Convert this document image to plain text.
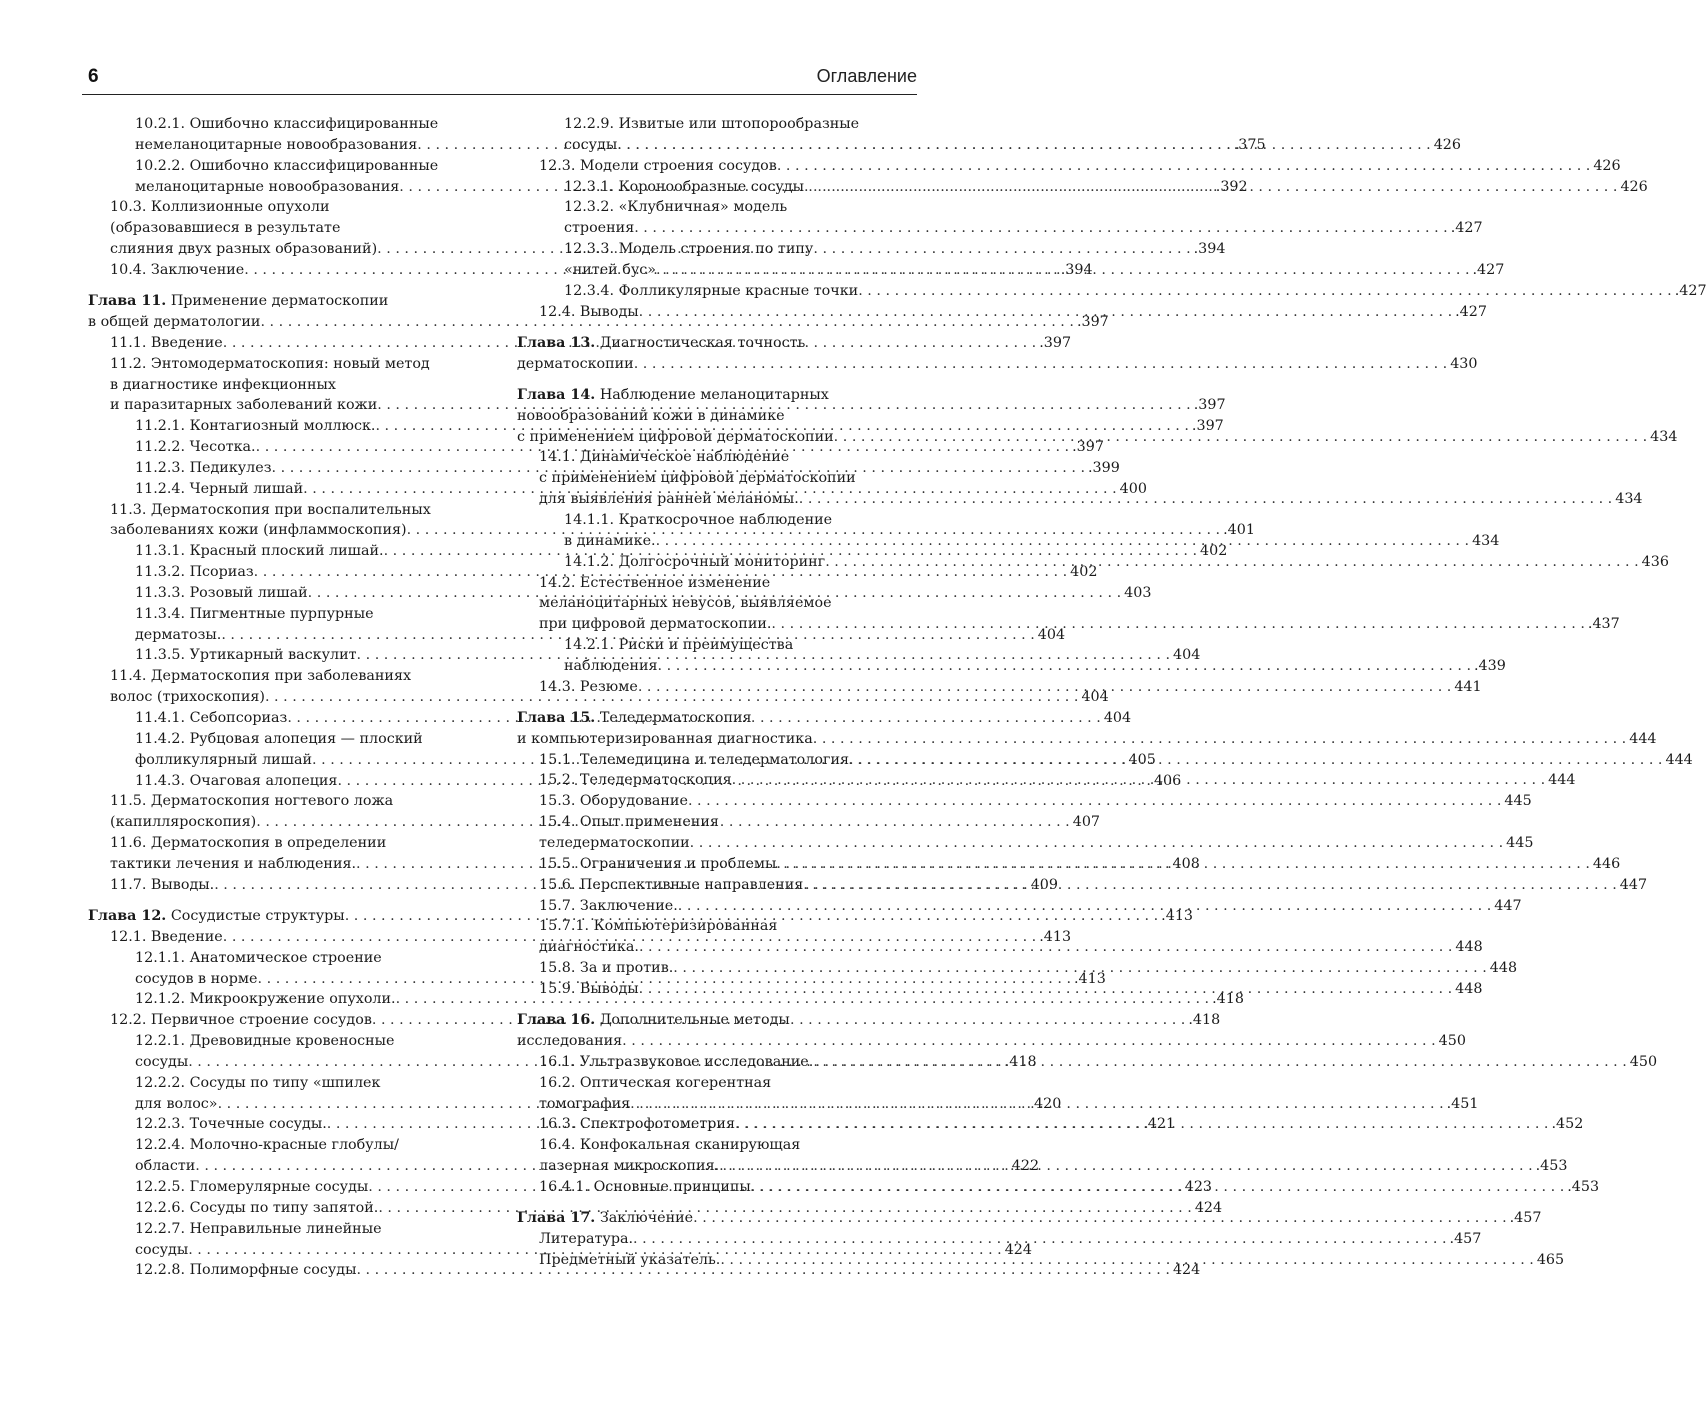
6	Оглавление
10.2.1. Ошибочно классифицированные
немеланоцитарные новообразования . . .	.375
10.2.2. Ошибочно классифицированные
меланоцитарные новообразования . . .	.392
10.3. Коллизионные опухоли
(образовавшиеся в результате
слияния двух разных образований) . . .	.394
10.4. Заключение . . .	.394
Глава 11. Применение дерматоскопии
в общей дерматологии . . .	.397
11.1. Введение . . .	.397
11.2. Энтомодерматоскопия: новый метод
в диагностике инфекционных
и паразитарных заболеваний кожи . . .	.397
11.2.1. Контагиозный моллюск. . . .	.397
11.2.2. Чесотка. . . .	.397
11.2.3. Педикулез . . .	.399
11.2.4. Черный лишай . . .	400
11.3. Дерматоскопия при воспалительных
заболеваниях кожи (инфламмоскопия) . . .	.401
11.3.1. Красный плоский лишай. . . .	402
11.3.2. Псориаз . . .	402
11.3.3. Розовый лишай . . .	403
11.3.4. Пигментные пурпурные
дерматозы. . . .	404
11.3.5. Уртикарный васкулит . . .	404
11.4. Дерматоскопия при заболеваниях
волос (трихоскопия) . . .	404
11.4.1. Себопсориаз . . .	404
11.4.2. Рубцовая алопеция — плоский
фолликулярный лишай . . .	405
11.4.3. Очаговая алопеция . . .	406
11.5. Дерматоскопия ногтевого ложа
(капилляроскопия) . . .	407
11.6. Дерматоскопия в определении
тактики лечения и наблюдения. . . .	408
11.7. Выводы. . . .	409
Глава 12. Сосудистые структуры . . .	.413
12.1. Введение . . .	.413
12.1.1. Анатомическое строение
сосудов в норме . . .	.413
12.1.2. Микроокружение опухоли. . . .	.418
12.2. Первичное строение сосудов . . .	.418
12.2.1. Древовидные кровеносные
сосуды . . .	.418
12.2.2. Сосуды по типу «шпилек
для волос» . . .	420
12.2.3. Точечные сосуды. . . .	.421
12.2.4. Молочно-красные глобулы/
области . . .	422
12.2.5. Гломерулярные сосуды . . .	423
12.2.6. Сосуды по типу запятой. . . .	424
12.2.7. Неправильные линейные
сосуды . . .	424
12.2.8. Полиморфные сосуды . . .	424
12.2.9. Извитые или штопорообразные
сосуды . . .	426
12.3. Модели строения сосудов . . .	426
12.3.1. Коронообразные сосуды . . .	426
12.3.2. «Клубничная» модель
строения . . .	.427
12.3.3. Модель строения по типу
«нитей бус» . . .	.427
12.3.4. Фолликулярные красные точки . . .	.427
12.4. Выводы . . .	.427
Глава 13. Диагностическая точность
дерматоскопии . . .	430
Глава 14. Наблюдение меланоцитарных
новообразований кожи в динамике
с применением цифровой дерматоскопии . . .	434
14.1. Динамическое наблюдение
с применением цифровой дерматоскопии
для выявления ранней меланомы. . . .	434
14.1.1. Краткосрочное наблюдение
в динамике. . . .	434
14.1.2. Долгосрочный мониторинг . . .	436
14.2. Естественное изменение
меланоцитарных невусов, выявляемое
при цифровой дерматоскопии. . . .	.437
14.2.1. Риски и преимущества
наблюдения . . .	.439
14.3. Резюме . . .	441
Глава 15. Теледерматоскопия
и компьютеризированная диагностика . . .	444
15.1. Телемедицина и теледерматология . . .	444
15.2. Теледерматоскопия . . .	444
15.3. Оборудование . . .	445
15.4. Опыт применения
теледерматоскопии . . .	445
15.5. Ограничения и проблемы . . .	446
15.6. Перспективные направления . . .	447
15.7. Заключение. . . .	447
15.7.1. Компьютеризированная
диагностика. . . .	448
15.8. За и против. . . .	448
15.9. Выводы . . .	448
Глава 16. Дополнительные методы
исследования . . .	450
16.1. Ультразвуковое исследование. . . .	450
16.2. Оптическая когерентная
томография . . .	.451
16.3. Спектрофотометрия . . .	.452
16.4. Конфокальная сканирующая
лазерная микроскопия. . . .	.453
16.4.1. Основные принципы . . .	.453
Глава 17. Заключение . . .	.457
Литература. . . .	.457
Предметный указатель. . . .	465
